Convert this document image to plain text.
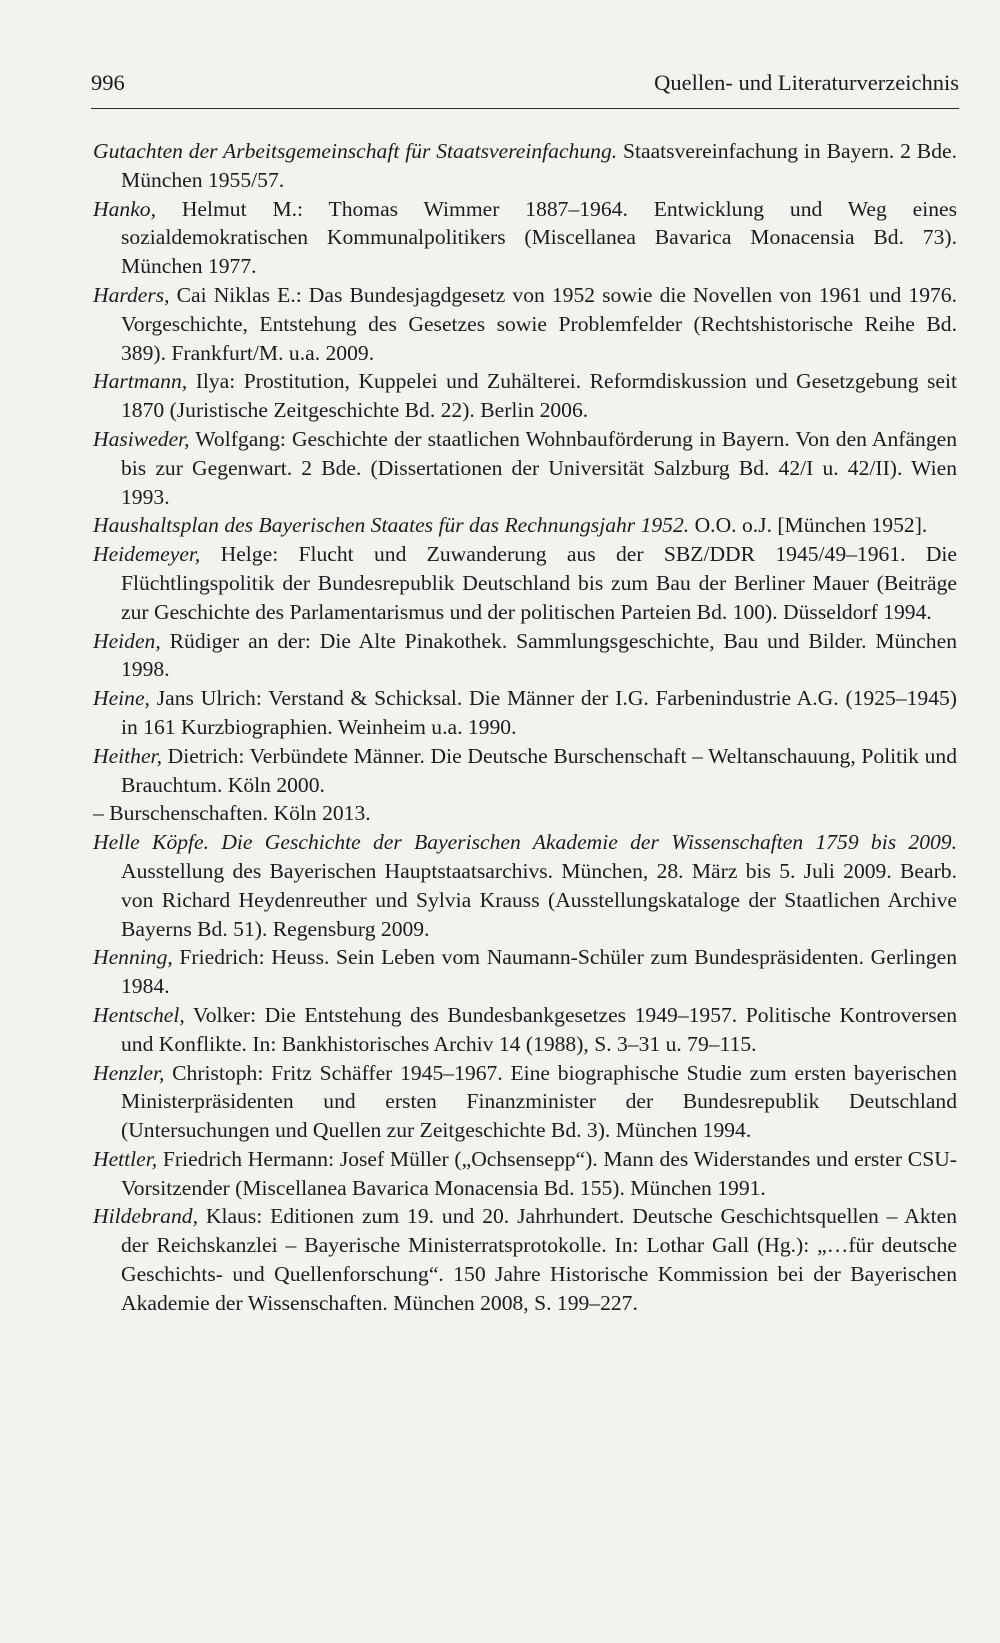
996	Quellen- und Literaturverzeichnis

Gutachten der Arbeitsgemeinschaft für Staatsvereinfachung. Staatsvereinfachung in Bayern. 2 Bde. München 1955/57.

Hanko, Helmut M.: Thomas Wimmer 1887–1964. Entwicklung und Weg eines sozialdemokratischen Kommunalpolitikers (Miscellanea Bavarica Monacensia Bd. 73). München 1977.

Harders, Cai Niklas E.: Das Bundesjagdgesetz von 1952 sowie die Novellen von 1961 und 1976. Vorgeschichte, Entstehung des Gesetzes sowie Problemfelder (Rechtshistorische Reihe Bd. 389). Frankfurt/M. u.a. 2009.

Hartmann, Ilya: Prostitution, Kuppelei und Zuhälterei. Reformdiskussion und Gesetzgebung seit 1870 (Juristische Zeitgeschichte Bd. 22). Berlin 2006.

Hasiweder, Wolfgang: Geschichte der staatlichen Wohnbauförderung in Bayern. Von den Anfängen bis zur Gegenwart. 2 Bde. (Dissertationen der Universität Salzburg Bd. 42/I u. 42/II). Wien 1993.

Haushaltsplan des Bayerischen Staates für das Rechnungsjahr 1952. O.O. o.J. [München 1952].

Heidemeyer, Helge: Flucht und Zuwanderung aus der SBZ/DDR 1945/49–1961. Die Flüchtlingspolitik der Bundesrepublik Deutschland bis zum Bau der Berliner Mauer (Beiträge zur Geschichte des Parlamentarismus und der politischen Parteien Bd. 100). Düsseldorf 1994.

Heiden, Rüdiger an der: Die Alte Pinakothek. Sammlungsgeschichte, Bau und Bilder. München 1998.

Heine, Jans Ulrich: Verstand & Schicksal. Die Männer der I.G. Farbenindustrie A.G. (1925–1945) in 161 Kurzbiographien. Weinheim u.a. 1990.

Heither, Dietrich: Verbündete Männer. Die Deutsche Burschenschaft – Weltanschauung, Politik und Brauchtum. Köln 2000.

– Burschenschaften. Köln 2013.

Helle Köpfe. Die Geschichte der Bayerischen Akademie der Wissenschaften 1759 bis 2009. Ausstellung des Bayerischen Hauptstaatsarchivs. München, 28. März bis 5. Juli 2009. Bearb. von Richard Heydenreuther und Sylvia Krauss (Ausstellungskataloge der Staatlichen Archive Bayerns Bd. 51). Regensburg 2009.

Henning, Friedrich: Heuss. Sein Leben vom Naumann-Schüler zum Bundespräsidenten. Gerlingen 1984.

Hentschel, Volker: Die Entstehung des Bundesbankgesetzes 1949–1957. Politische Kontroversen und Konflikte. In: Bankhistorisches Archiv 14 (1988), S. 3–31 u. 79–115.

Henzler, Christoph: Fritz Schäffer 1945–1967. Eine biographische Studie zum ersten bayerischen Ministerpräsidenten und ersten Finanzminister der Bundesrepublik Deutschland (Untersuchungen und Quellen zur Zeitgeschichte Bd. 3). München 1994.

Hettler, Friedrich Hermann: Josef Müller („Ochsensepp“). Mann des Widerstandes und erster CSU-Vorsitzender (Miscellanea Bavarica Monacensia Bd. 155). München 1991.

Hildebrand, Klaus: Editionen zum 19. und 20. Jahrhundert. Deutsche Geschichtsquellen – Akten der Reichskanzlei – Bayerische Ministerratsprotokolle. In: Lothar Gall (Hg.): „…für deutsche Geschichts- und Quellenforschung“. 150 Jahre Historische Kommission bei der Bayerischen Akademie der Wissenschaften. München 2008, S. 199–227.
